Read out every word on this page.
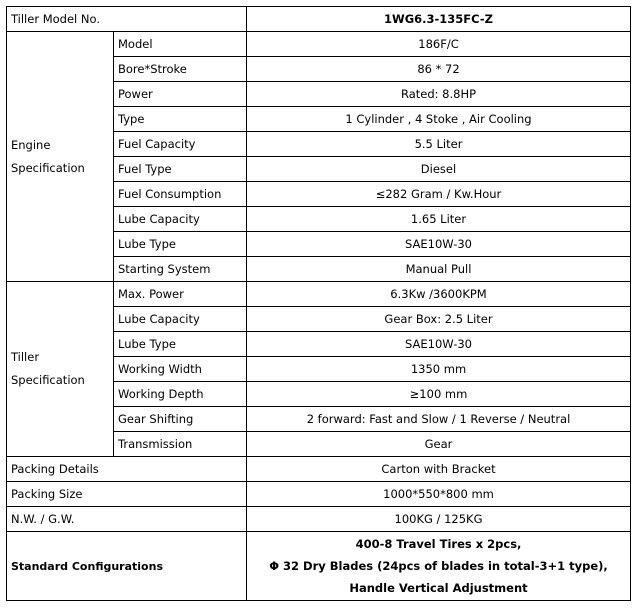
Tiller Model No.		1WG6.3-135FC-Z

Engine
Specification	Model	186F/C
	Bore*Stroke	86 * 72
	Power	Rated: 8.8HP
	Type	1 Cylinder , 4 Stoke , Air Cooling
	Fuel Capacity	5.5 Liter
	Fuel Type	Diesel
	Fuel Consumption	≤282 Gram / Kw.Hour
	Lube Capacity	1.65 Liter
	Lube Type	SAE10W-30
	Starting System	Manual Pull

Tiller
Specification	Max. Power	6.3Kw /3600KPM
	Lube Capacity	Gear Box: 2.5 Liter
	Lube Type	SAE10W-30
	Working Width	1350 mm
	Working Depth	≥100 mm
	Gear Shifting	2 forward: Fast and Slow / 1 Reverse / Neutral
	Transmission	Gear
Packing Details		Carton with Bracket
Packing Size		1000*550*800 mm
N.W. / G.W.		100KG / 125KG
Standard Configurations		400-8 Travel Tires x 2pcs,
Φ 32 Dry Blades (24pcs of blades in total-3+1 type),
Handle Vertical Adjustment
